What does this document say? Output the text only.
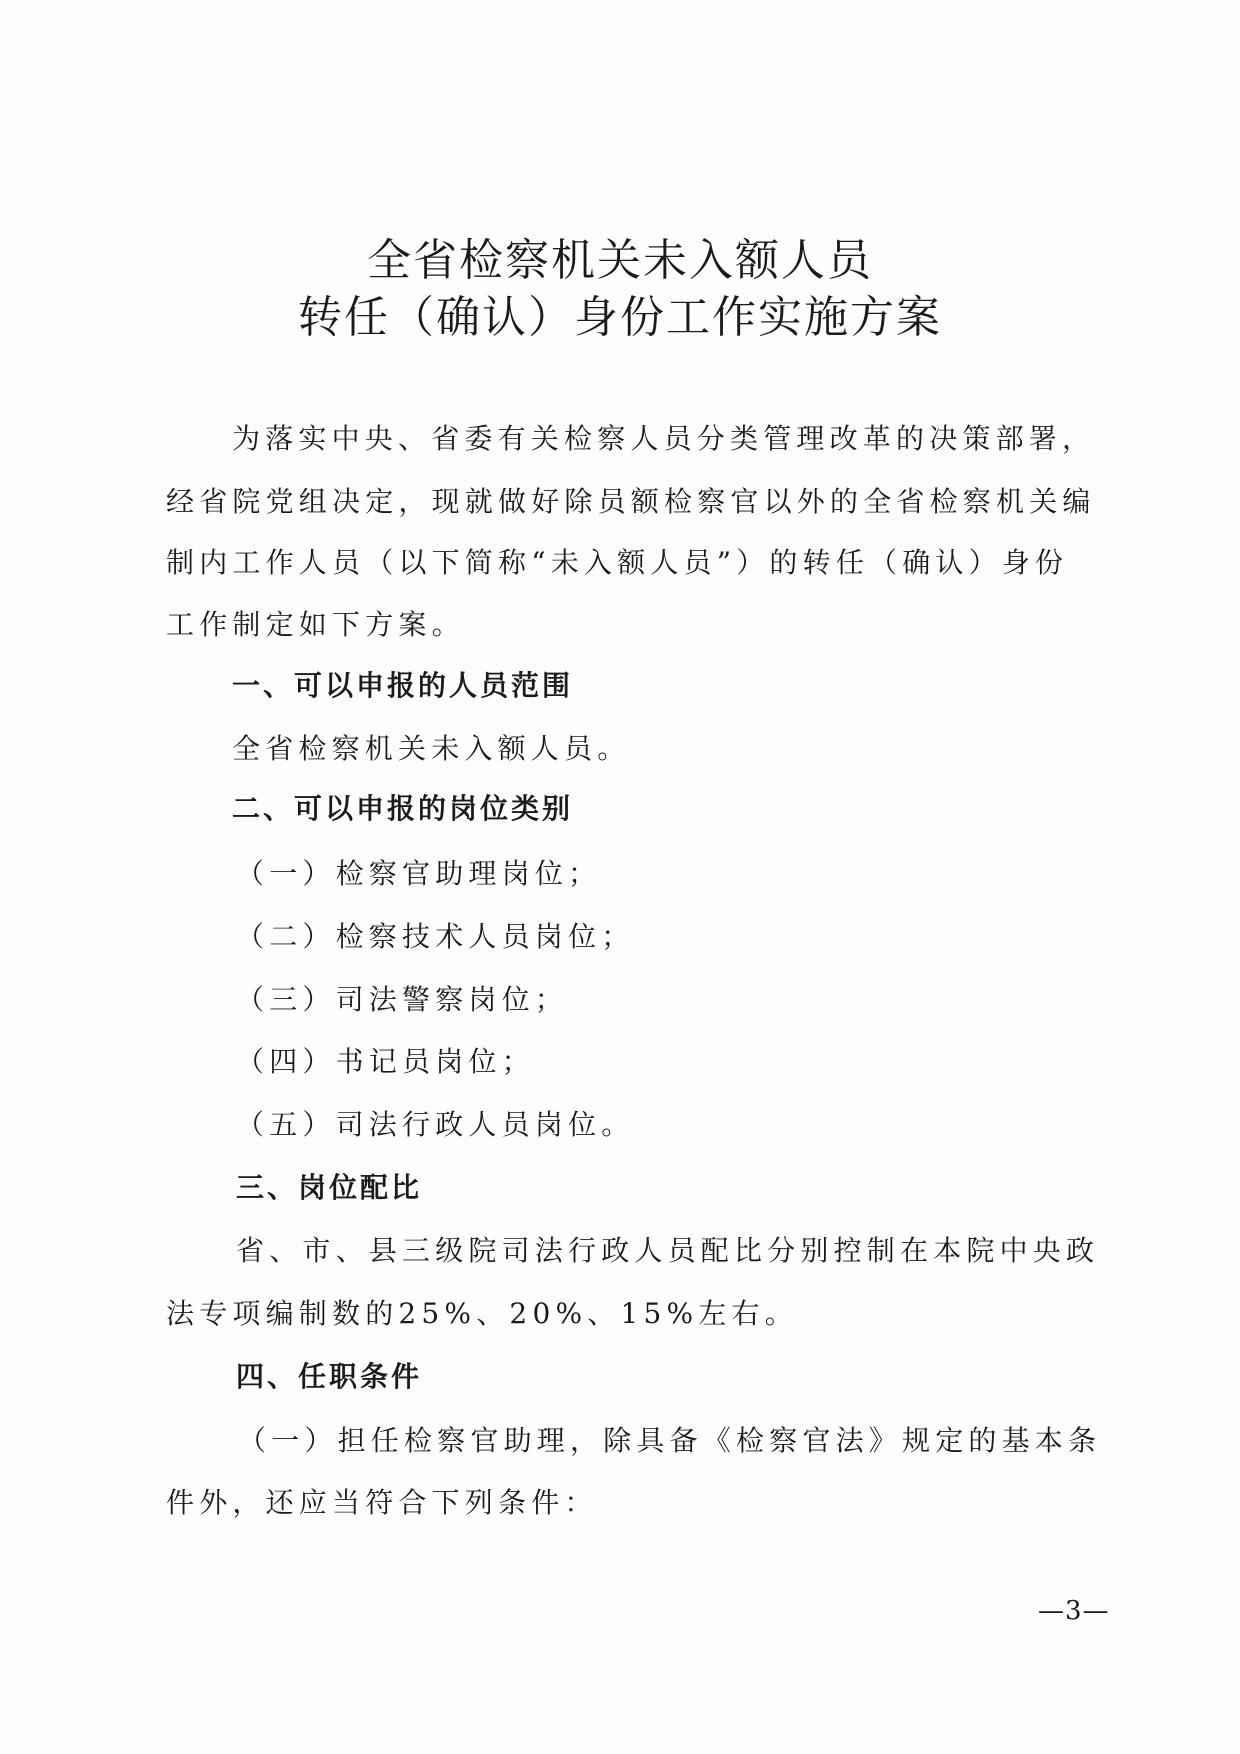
全省检察机关未入额人员
转任（确认）身份工作实施方案
为落实中央、省委有关检察人员分类管理改革的决策部署，
经省院党组决定，现就做好除员额检察官以外的全省检察机关编
制内工作人员（以下简称“未入额人员”）的转任（确认）身份
工作制定如下方案。
一、可以申报的人员范围
全省检察机关未入额人员。
二、可以申报的岗位类别
（一）检察官助理岗位；
（二）检察技术人员岗位；
（三）司法警察岗位；
（四）书记员岗位；
（五）司法行政人员岗位。
三、岗位配比
省、市、县三级院司法行政人员配比分别控制在本院中央政
法专项编制数的25%、20%、15%左右。
四、任职条件
（一）担任检察官助理，除具备《检察官法》规定的基本条
件外，还应当符合下列条件：
—3—
